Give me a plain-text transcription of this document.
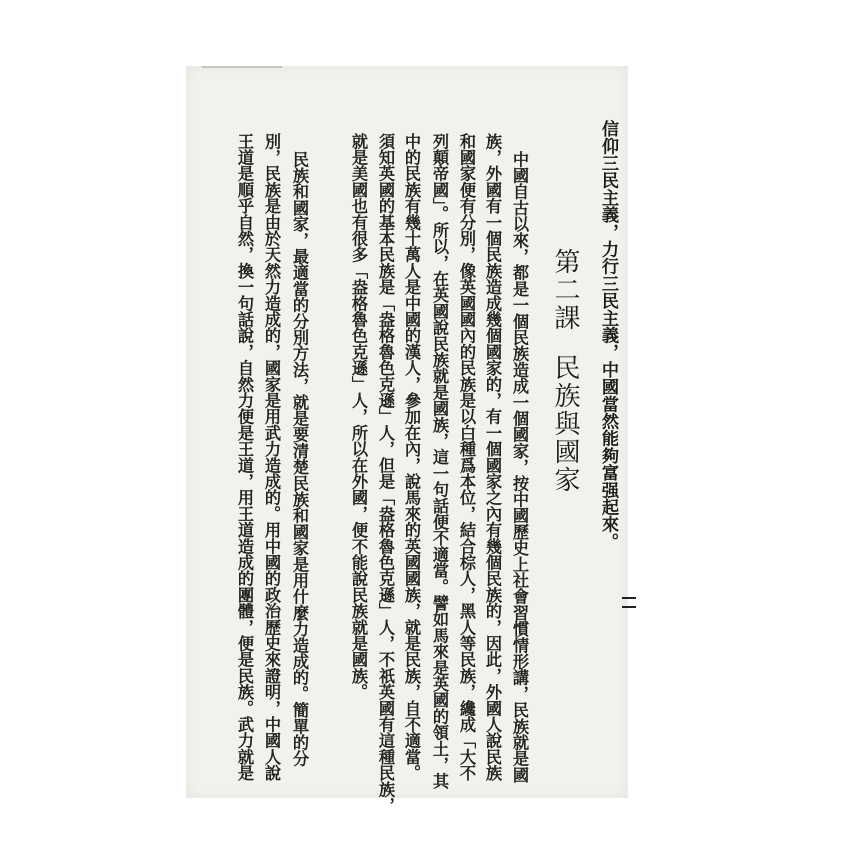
信仰三民主義，力行三民主義，中國當然能夠富强起來。
第二課民族與國家
中國自古以來，都是一個民族造成一個國家，按中國歷史上社會習慣情形講，民族就是國
族，外國有一個民族造成幾個國家的，有一個國家之內有幾個民族的，因此，外國人說民族
和國家便有分別，像英國國內的民族是以白種爲本位，結合棕人，黑人等民族，纔成「大不
列顛帝國」。所以，在英國說民族就是國族，這一句話便不適當。譬如馬來是英國的領土，其
中的民族有幾十萬人是中國的漢人，參加在內，說馬來的英國國族，就是民族，自不適當。
須知英國的基本民族是「盎格魯色克遜」人，但是「盎格魯色克遜」人，不祇英國有這種民族，
就是美國也有很多「盎格魯色克遜」人，所以在外國，便不能說民族就是國族。
民族和國家，最適當的分別方法，就是要清楚民族和國家是用什麼力造成的。簡單的分
別，民族是由於天然力造成的，國家是用武力造成的。用中國的政治歷史來證明，中國人說
王道是順乎自然，換一句話說，自然力便是王道，用王道造成的團體，便是民族。武力就是
